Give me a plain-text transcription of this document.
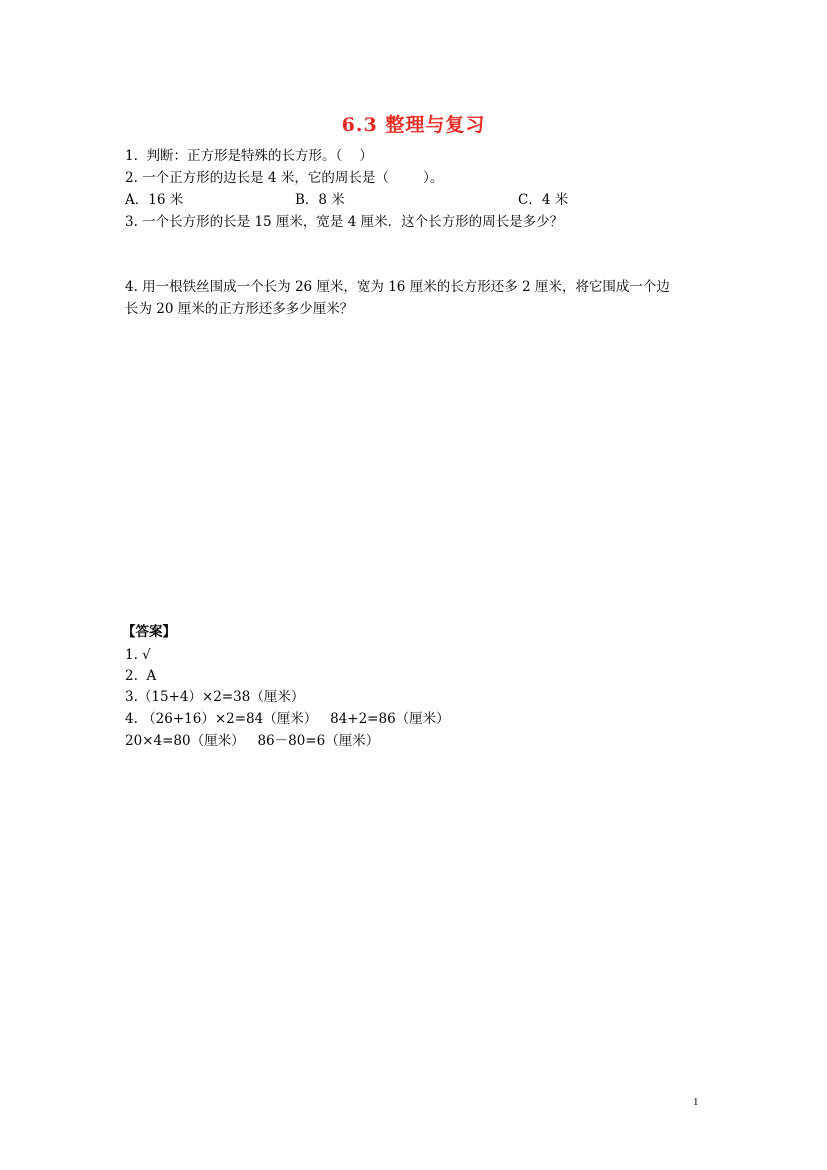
6.3 整理与复习
1.  判断：正方形是特殊的长方形。（    ）
2. 一个正方形的边长是 4 米，它的周长是（        ）。
A．16 米	B．8 米	C．4 米
3. 一个长方形的长是 15 厘米，宽是 4 厘米．这个长方形的周长是多少？
4. 用一根铁丝围成一个长为 26 厘米，宽为 16 厘米的长方形还多 2 厘米，将它围成一个边
长为 20 厘米的正方形还多多少厘米？
【答案】
1. √
2.  A
3.（15+4）×2=38（厘米）
4. （26+16）×2=84（厘米）   84+2=86（厘米）
20×4=80（厘米）   86－80=6（厘米）
1
